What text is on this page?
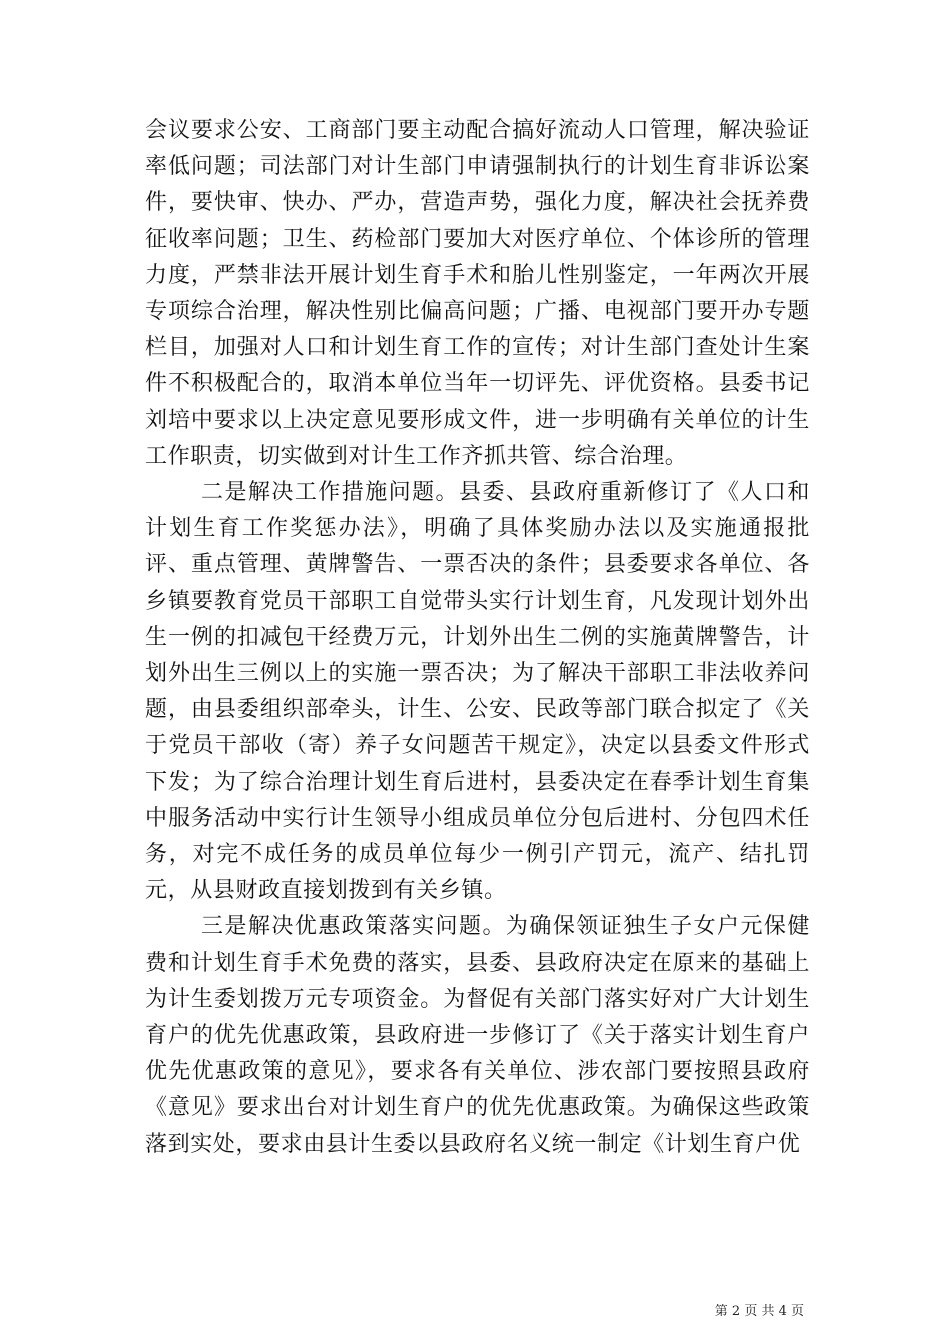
会议要求公安、工商部门要主动配合搞好流动人口管理，解决验证率低问题；司法部门对计生部门申请强制执行的计划生育非诉讼案件，要快审、快办、严办，营造声势，强化力度，解决社会抚养费征收率问题；卫生、药检部门要加大对医疗单位、个体诊所的管理力度，严禁非法开展计划生育手术和胎儿性别鉴定，一年两次开展专项综合治理，解决性别比偏高问题；广播、电视部门要开办专题栏目，加强对人口和计划生育工作的宣传；对计生部门查处计生案件不积极配合的，取消本单位当年一切评先、评优资格。县委书记刘培中要求以上决定意见要形成文件，进一步明确有关单位的计生工作职责，切实做到对计生工作齐抓共管、综合治理。

二是解决工作措施问题。县委、县政府重新修订了《人口和计划生育工作奖惩办法》，明确了具体奖励办法以及实施通报批评、重点管理、黄牌警告、一票否决的条件；县委要求各单位、各乡镇要教育党员干部职工自觉带头实行计划生育，凡发现计划外出生一例的扣减包干经费万元，计划外出生二例的实施黄牌警告，计划外出生三例以上的实施一票否决；为了解决干部职工非法收养问题，由县委组织部牵头，计生、公安、民政等部门联合拟定了《关于党员干部收（寄）养子女问题苦干规定》，决定以县委文件形式下发；为了综合治理计划生育后进村，县委决定在春季计划生育集中服务活动中实行计生领导小组成员单位分包后进村、分包四术任务，对完不成任务的成员单位每少一例引产罚元，流产、结扎罚元，从县财政直接划拨到有关乡镇。

三是解决优惠政策落实问题。为确保领证独生子女户元保健费和计划生育手术免费的落实，县委、县政府决定在原来的基础上为计生委划拨万元专项资金。为督促有关部门落实好对广大计划生育户的优先优惠政策，县政府进一步修订了《关于落实计划生育户优先优惠政策的意见》，要求各有关单位、涉农部门要按照县政府《意见》要求出台对计划生育户的优先优惠政策。为确保这些政策落到实处，要求由县计生委以县政府名义统一制定《计划生育户优

第 2 页 共 4 页
